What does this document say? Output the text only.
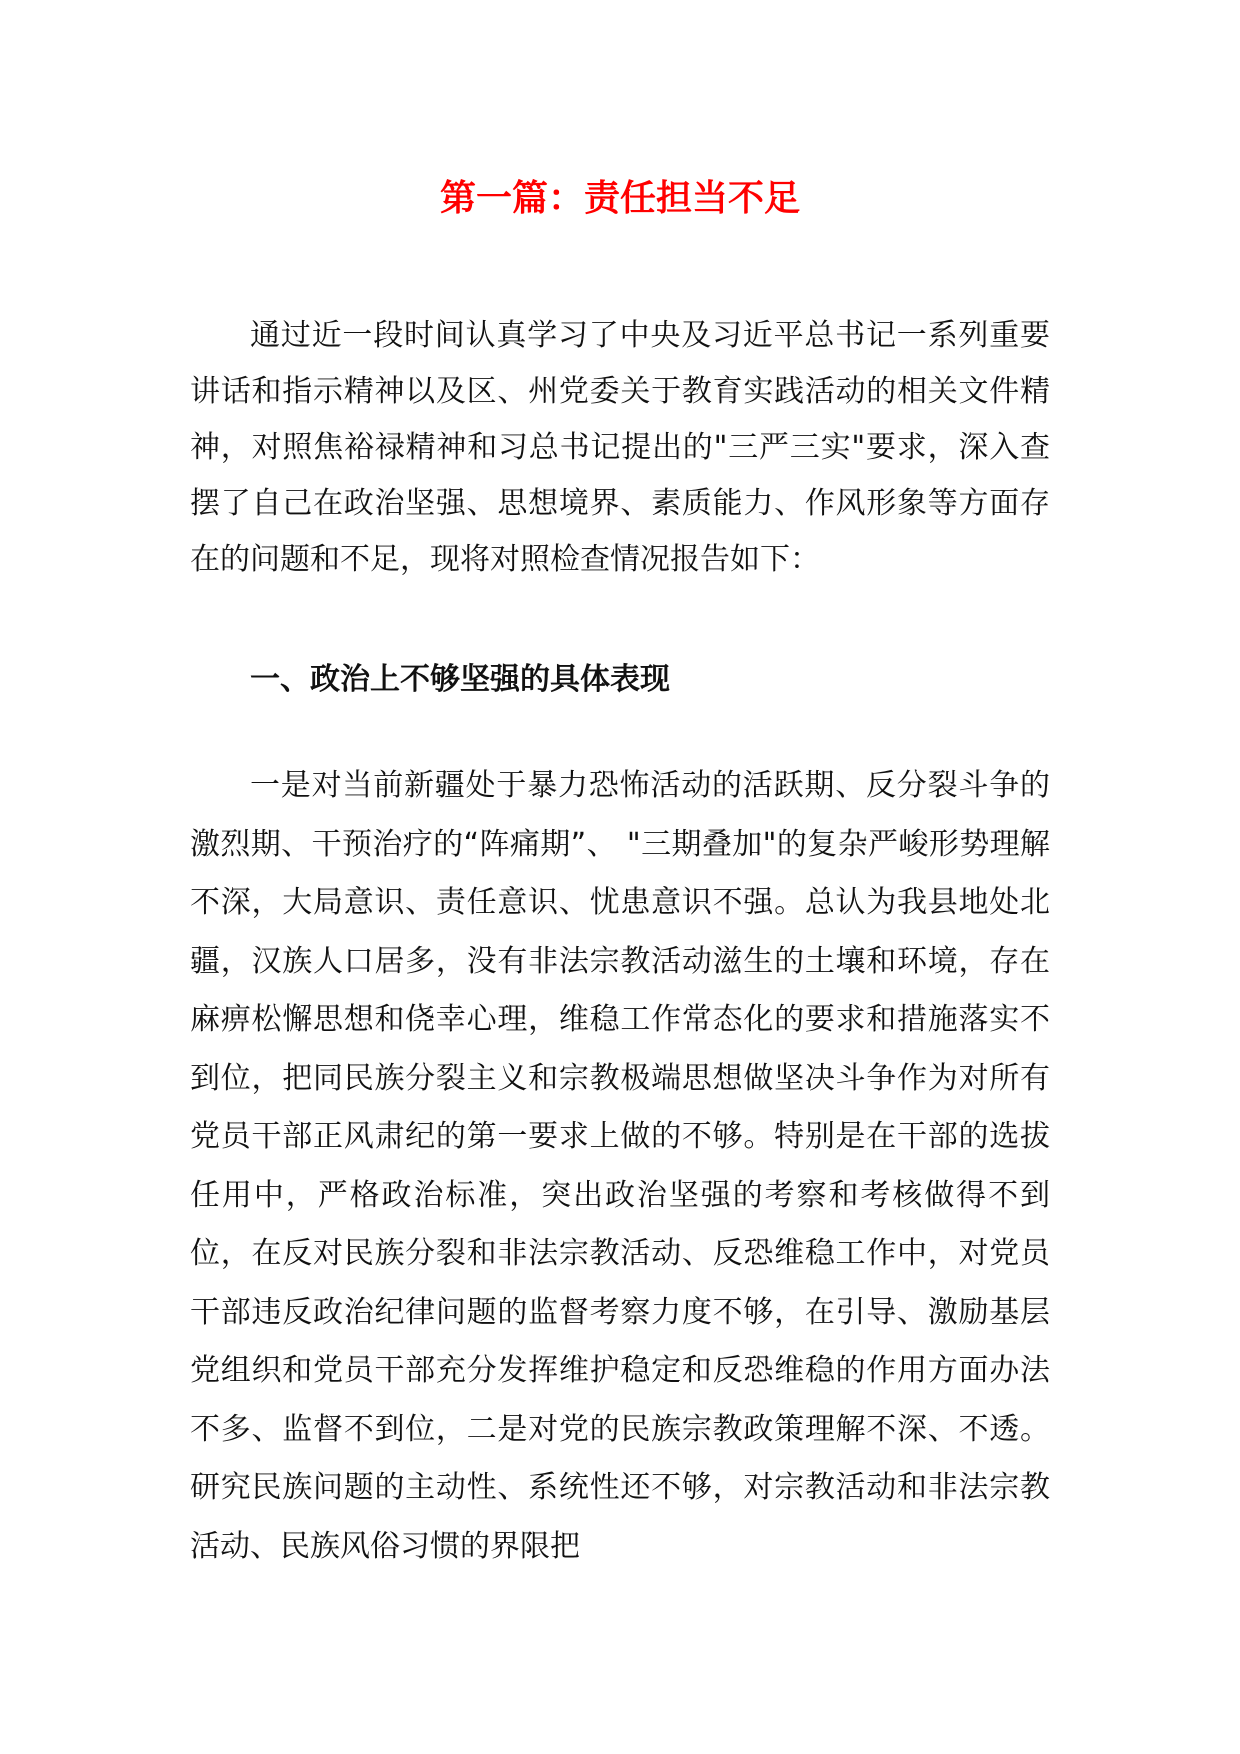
第一篇：责任担当不足

通过近一段时间认真学习了中央及习近平总书记一系列重要讲话和指示精神以及区、州党委关于教育实践活动的相关文件精神，对照焦裕禄精神和习总书记提出的"三严三实"要求，深入查摆了自己在政治坚强、思想境界、素质能力、作风形象等方面存在的问题和不足，现将对照检查情况报告如下：

一、政治上不够坚强的具体表现

一是对当前新疆处于暴力恐怖活动的活跃期、反分裂斗争的激烈期、干预治疗的“阵痛期”、 "三期叠加"的复杂严峻形势理解不深，大局意识、责任意识、忧患意识不强。总认为我县地处北疆，汉族人口居多，没有非法宗教活动滋生的土壤和环境，存在麻痹松懈思想和侥幸心理，维稳工作常态化的要求和措施落实不到位，把同民族分裂主义和宗教极端思想做坚决斗争作为对所有党员干部正风肃纪的第一要求上做的不够。特别是在干部的选拔任用中，严格政治标准，突出政治坚强的考察和考核做得不到位，在反对民族分裂和非法宗教活动、反恐维稳工作中，对党员干部违反政治纪律问题的监督考察力度不够，在引导、激励基层党组织和党员干部充分发挥维护稳定和反恐维稳的作用方面办法不多、监督不到位，二是对党的民族宗教政策理解不深、不透。研究民族问题的主动性、系统性还不够，对宗教活动和非法宗教活动、民族风俗习惯的界限把
